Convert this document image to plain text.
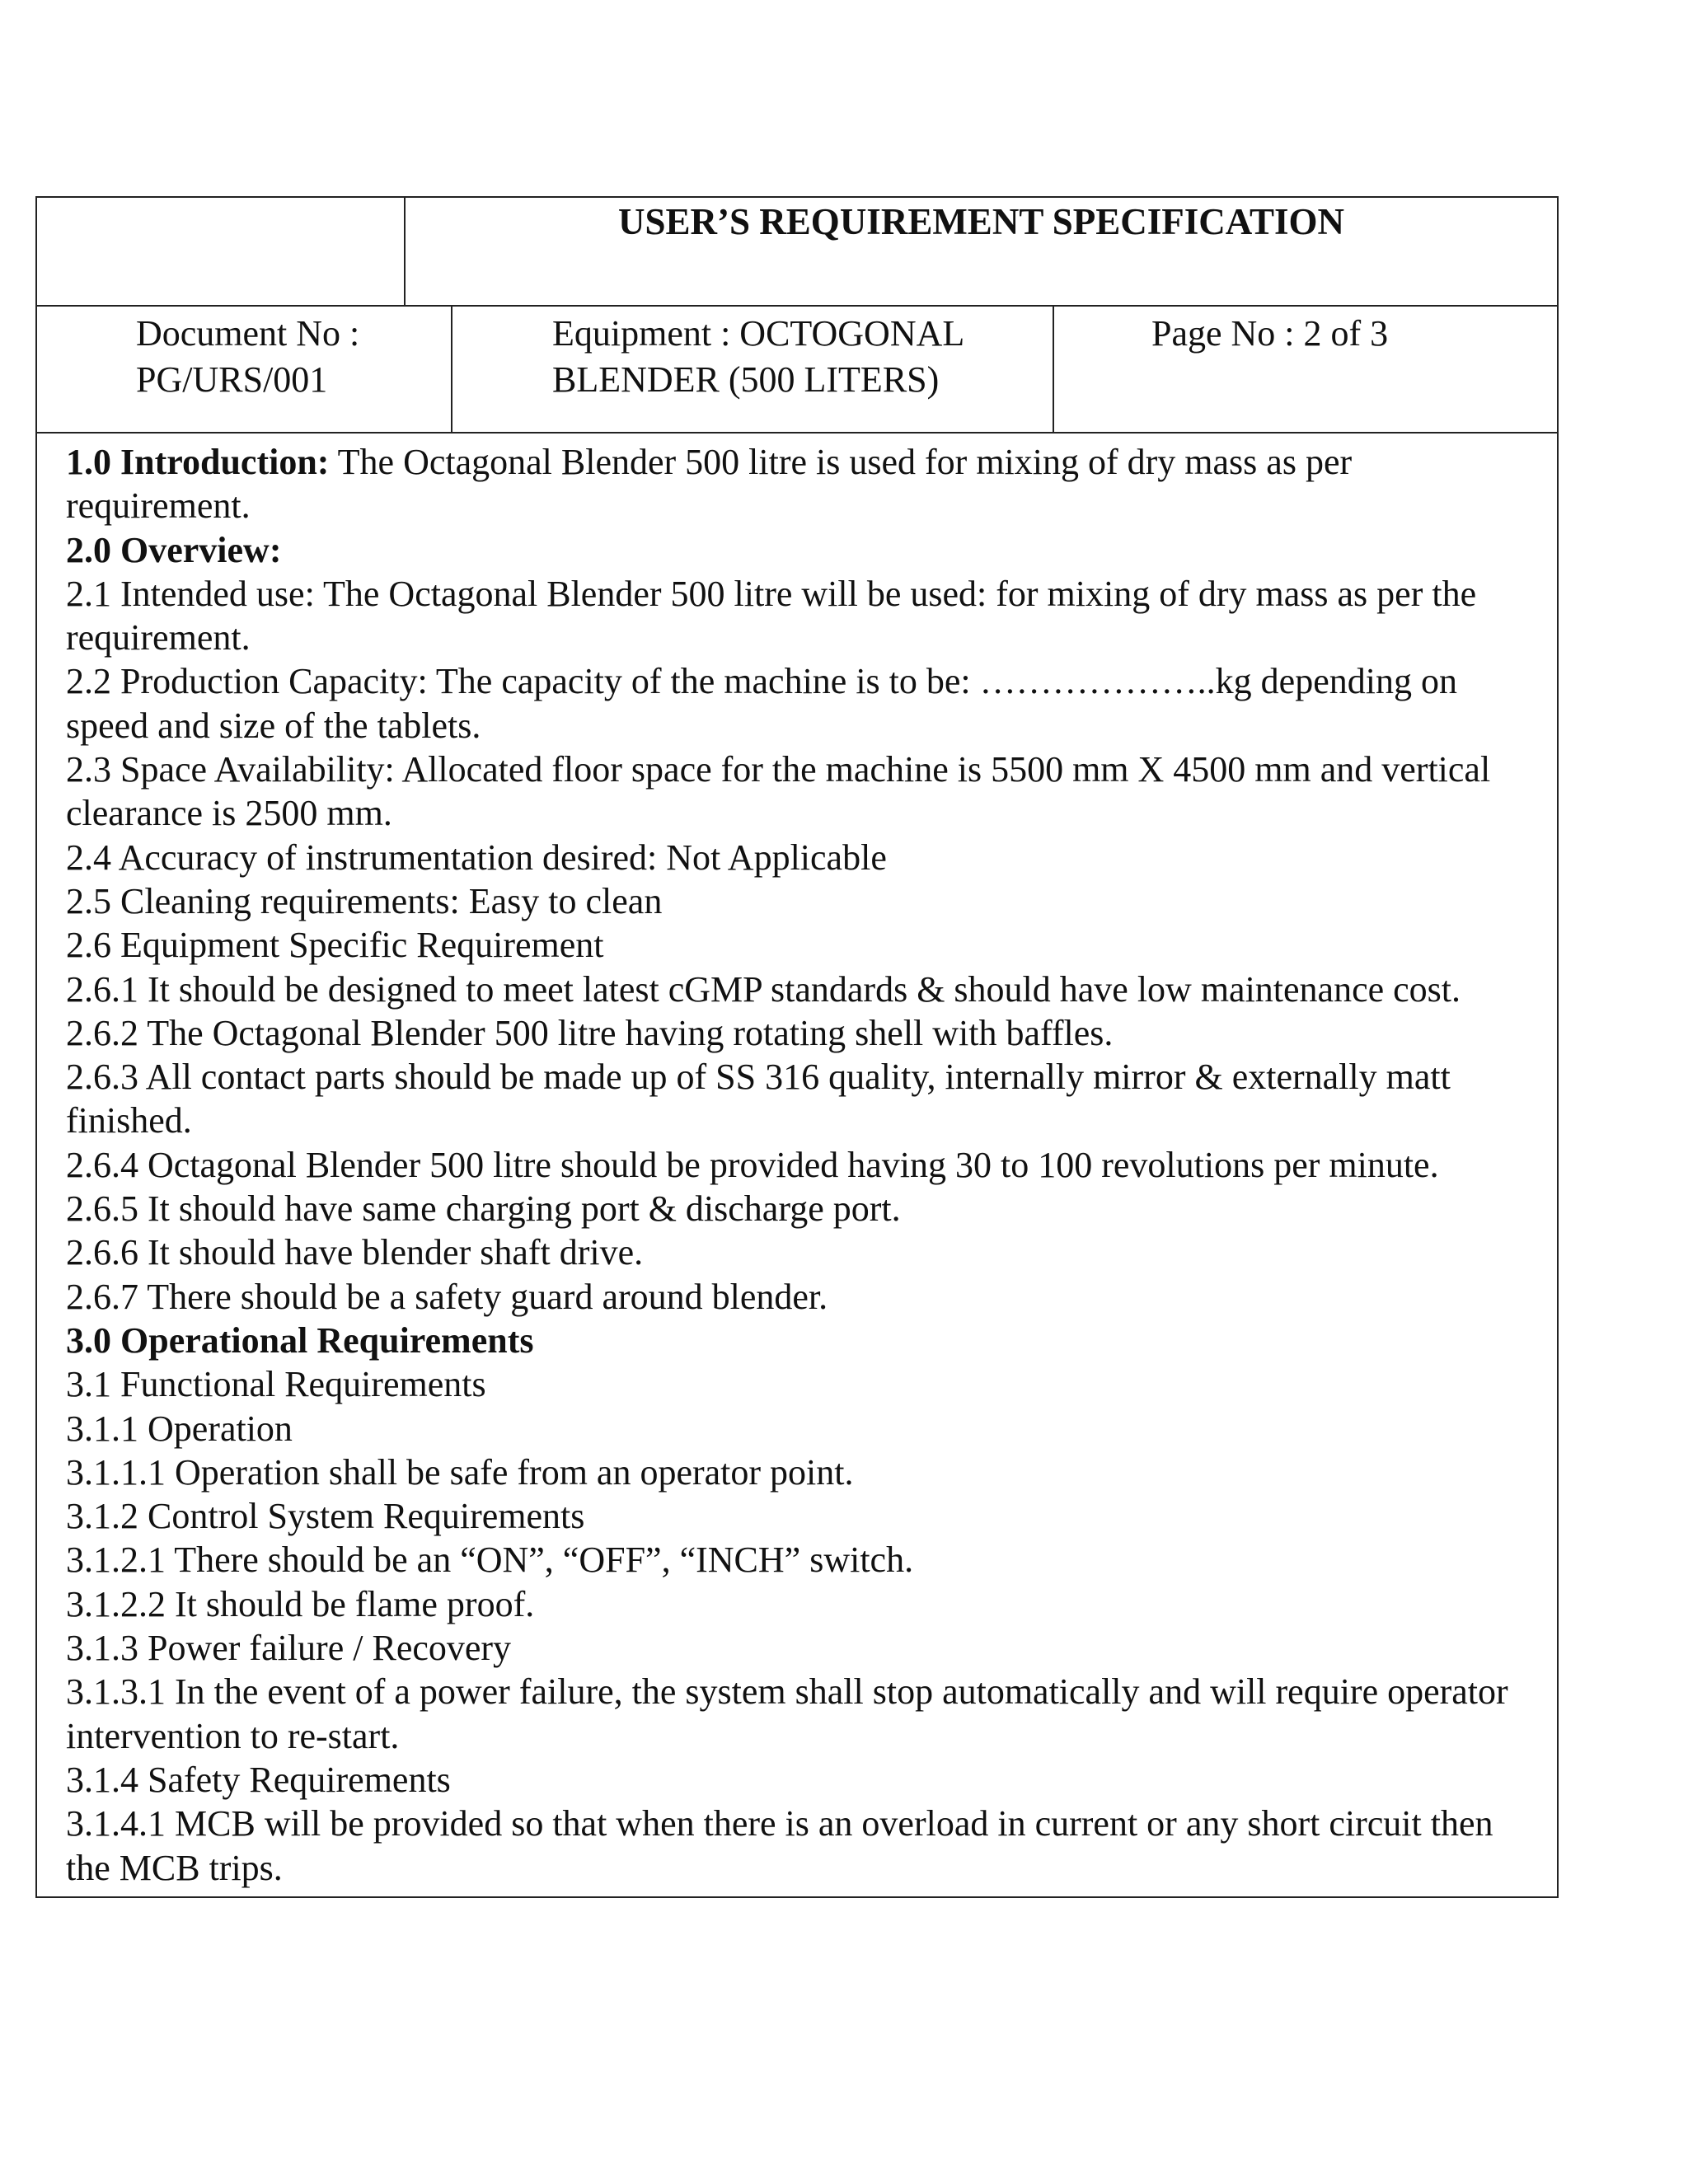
USER’S REQUIREMENT SPECIFICATION
Document No :
PG/URS/001
Equipment : OCTOGONAL
BLENDER (500 LITERS)
Page No : 2 of 3

1.0 Introduction: The Octagonal Blender 500 litre is used for mixing of dry mass as per requirement.

2.0 Overview:

2.1 Intended use: The Octagonal Blender 500 litre will be used: for mixing of dry mass as per the requirement.

2.2 Production Capacity: The capacity of the machine is to be: ………………..kg depending on speed and size of the tablets.

2.3 Space Availability: Allocated floor space for the machine is 5500 mm X 4500 mm and vertical clearance is 2500 mm.

2.4 Accuracy of instrumentation desired: Not Applicable

2.5 Cleaning requirements: Easy to clean

2.6 Equipment Specific Requirement

2.6.1 It should be designed to meet latest cGMP standards & should have low maintenance cost.

2.6.2 The Octagonal Blender 500 litre having rotating shell with baffles.

2.6.3 All contact parts should be made up of SS 316 quality, internally mirror & externally matt finished.

2.6.4 Octagonal Blender 500 litre should be provided having 30 to 100 revolutions per minute.

2.6.5 It should have same charging port & discharge port.

2.6.6 It should have blender shaft drive.

2.6.7 There should be a safety guard around blender.

3.0 Operational Requirements

3.1 Functional Requirements

3.1.1 Operation

3.1.1.1 Operation shall be safe from an operator point.

3.1.2 Control System Requirements

3.1.2.1 There should be an “ON”, “OFF”, “INCH” switch.

3.1.2.2 It should be flame proof.

3.1.3 Power failure / Recovery

3.1.3.1 In the event of a power failure, the system shall stop automatically and will require operator intervention to re-start.

3.1.4 Safety Requirements

3.1.4.1 MCB will be provided so that when there is an overload in current or any short circuit then the MCB trips.
